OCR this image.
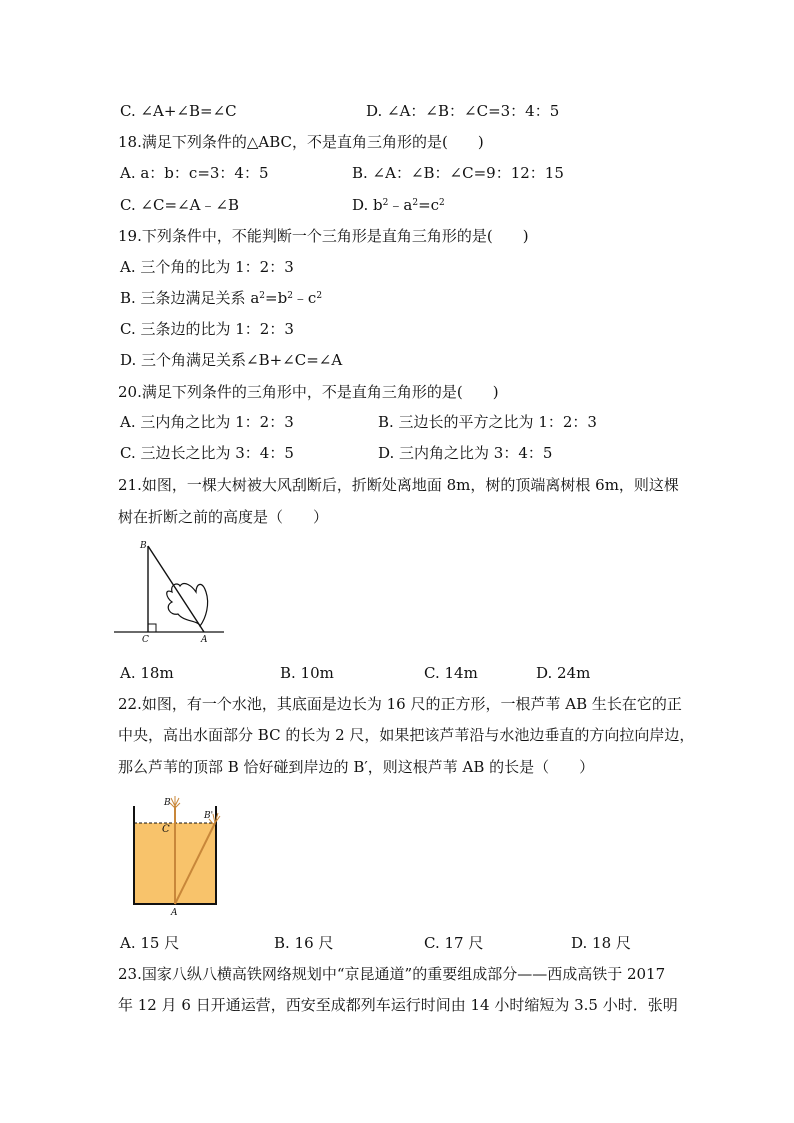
C. ∠A+∠B=∠C	D. ∠A：∠B：∠C=3：4：5
18.满足下列条件的△ABC，不是直角三角形的是(　　)
A. a：b：c=3：4：5	B. ∠A：∠B：∠C=9：12：15
C. ∠C=∠A﹣∠B	D. $b^2﹣a^2=c^2$
19.下列条件中，不能判断一个三角形是直角三角形的是(　　)
A. 三个角的比为 1：2：3
B. 三条边满足关系 $a^2=b^2﹣c^2$
C. 三条边的比为 1：2：3
D. 三个角满足关系∠B+∠C=∠A
20.满足下列条件的三角形中，不是直角三角形的是(　　)
A. 三内角之比为 1：2：3	B. 三边长的平方之比为 1：2：3
C. 三边长之比为 3：4：5	D. 三内角之比为 3：4：5
21.如图，一棵大树被大风刮断后，折断处离地面 8m，树的顶端离树根 6m，则这棵
树在折断之前的高度是（　　）
B
C	A
A. 18m	B. 10m	C. 14m	D. 24m
22.如图，有一个水池，其底面是边长为 16 尺的正方形，一根芦苇 AB 生长在它的正
中央，高出水面部分 BC 的长为 2 尺，如果把该芦苇沿与水池边垂直的方向拉向岸边，
那么芦苇的顶部 B 恰好碰到岸边的 B′，则这根芦苇 AB 的长是（　　）
B
B'
C
A
A. 15 尺	B. 16 尺	C. 17 尺	D. 18 尺
23.国家八纵八横高铁网络规划中“京昆通道”的重要组成部分——西成高铁于 2017
年 12 月 6 日开通运营，西安至成都列车运行时间由 14 小时缩短为 3.5 小时．张明
